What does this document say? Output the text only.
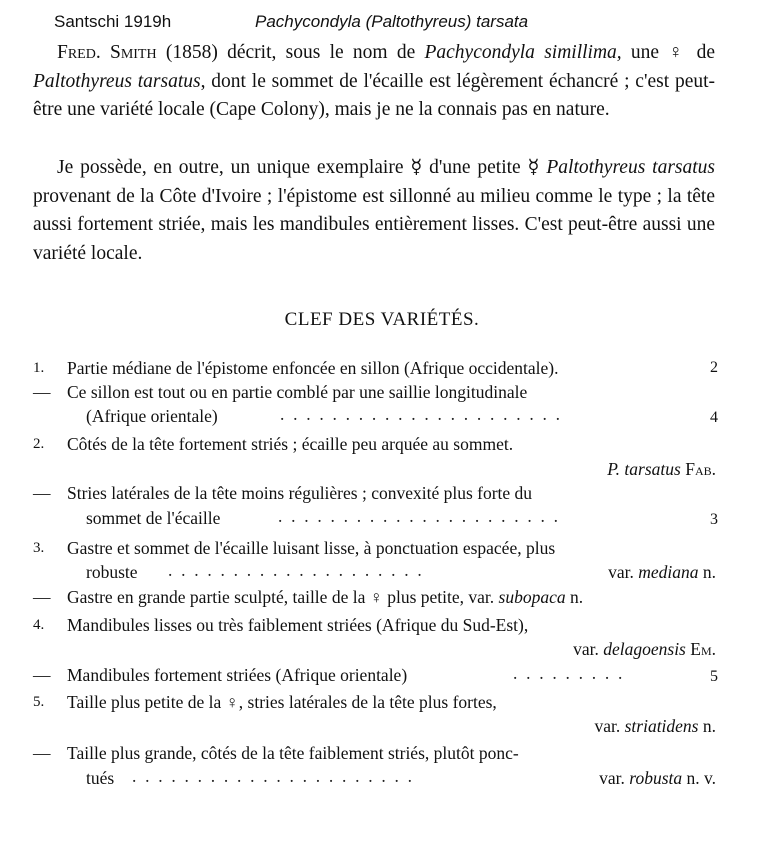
Santschi 1919h	Pachycondyla (Paltothyreus) tarsata
Fred. Smith (1858) décrit, sous le nom de Pachycondyla simillima, une ♀ de Paltothyreus tarsatus, dont le sommet de l'écaille est légèrement échancré ; c'est peut-être une variété locale (Cape Colony), mais je ne la connais pas en nature.
Je possède, en outre, un unique exemplaire ☿ d'une petite ☿ Paltothyreus tarsatus provenant de la Côte d'Ivoire ; l'épistome est sillonné au milieu comme le type ; la tête aussi fortement striée, mais les mandibules entièrement lisses. C'est peut-être aussi une variété locale.
CLEF DES VARIÉTÉS.
1. Partie médiane de l'épistome enfoncée en sillon (Afrique occidentale).	2
— Ce sillon est tout ou en partie comblé par une saillie longitudinale
(Afrique orientale)	.  .  .  .  .  .  .  .  .  .  .  .  .  .  .  .  .  .  .  .  .  .	4
2. Côtés de la tête fortement striés ; écaille peu arquée au sommet.
P. tarsatus Fab.
— Stries latérales de la tête moins régulières ; convexité plus forte du
sommet de l'écaille	.  .  .  .  .  .  .  .  .  .  .  .  .  .  .  .  .  .  .  .  .  .	3
3. Gastre et sommet de l'écaille luisant lisse, à ponctuation espacée, plus
robuste .  .  .  .  .  .  .  .  .  .  .  .  .  .  .  .  .  .  .  .	var. mediana n.
— Gastre en grande partie sculpté, taille de la ♀ plus petite, var. subopaca n.
4. Mandibules lisses ou très faiblement striées (Afrique du Sud-Est),
var. delagoensis Em.
— Mandibules fortement striées (Afrique orientale)	.  .  .  .  .  .  .  .  .	5
5. Taille plus petite de la ♀, stries latérales de la tête plus fortes,
var. striatidens n.
— Taille plus grande, côtés de la tête faiblement striés, plutôt ponc-
tués .  .  .  .  .  .  .  .  .  .  .  .  .  .  .  .  .  .  .  .  .  .	var. robusta n. v.
